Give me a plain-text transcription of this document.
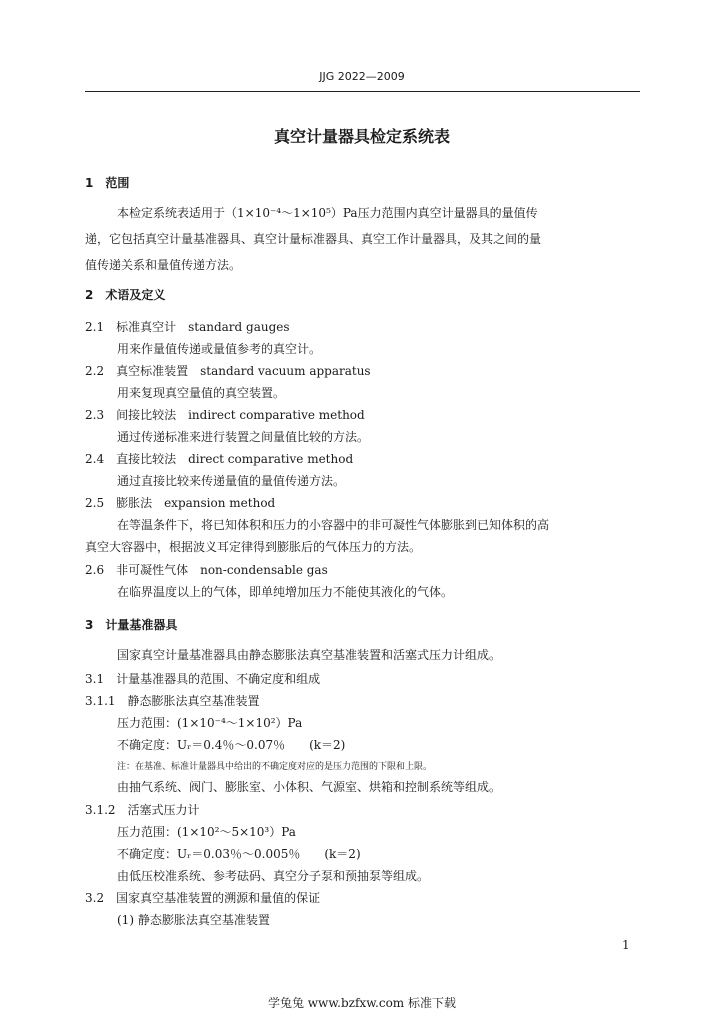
JJG 2022—2009
真空计量器具检定系统表
1　范围
本检定系统表适用于（1×10⁻⁴～1×10⁵）Pa压力范围内真空计量器具的量值传
递，它包括真空计量基准器具、真空计量标准器具、真空工作计量器具，及其之间的量
值传递关系和量值传递方法。
2　术语及定义
2.1　标准真空计　standard gauges
用来作量值传递或量值参考的真空计。
2.2　真空标准装置　standard vacuum apparatus
用来复现真空量值的真空装置。
2.3　间接比较法　indirect comparative method
通过传递标准来进行装置之间量值比较的方法。
2.4　直接比较法　direct comparative method
通过直接比较来传递量值的量值传递方法。
2.5　膨胀法　expansion method
在等温条件下，将已知体积和压力的小容器中的非可凝性气体膨胀到已知体积的高
真空大容器中，根据波义耳定律得到膨胀后的气体压力的方法。
2.6　非可凝性气体　non-condensable gas
在临界温度以上的气体，即单纯增加压力不能使其液化的气体。
3　计量基准器具
国家真空计量基准器具由静态膨胀法真空基准装置和活塞式压力计组成。
3.1　计量基准器具的范围、不确定度和组成
3.1.1　静态膨胀法真空基准装置
压力范围：(1×10⁻⁴～1×10²）Pa
不确定度：Uᵣ＝0.4％～0.07％　　(k＝2)
注：在基准、标准计量器具中给出的不确定度对应的是压力范围的下限和上限。
由抽气系统、阀门、膨胀室、小体积、气源室、烘箱和控制系统等组成。
3.1.2　活塞式压力计
压力范围：(1×10²～5×10³）Pa
不确定度：Uᵣ＝0.03％～0.005％　　(k＝2)
由低压校准系统、参考砝码、真空分子泵和预抽泵等组成。
3.2　国家真空基准装置的溯源和量值的保证
(1) 静态膨胀法真空基准装置
1
学兔兔 www.bzfxw.com 标准下载
